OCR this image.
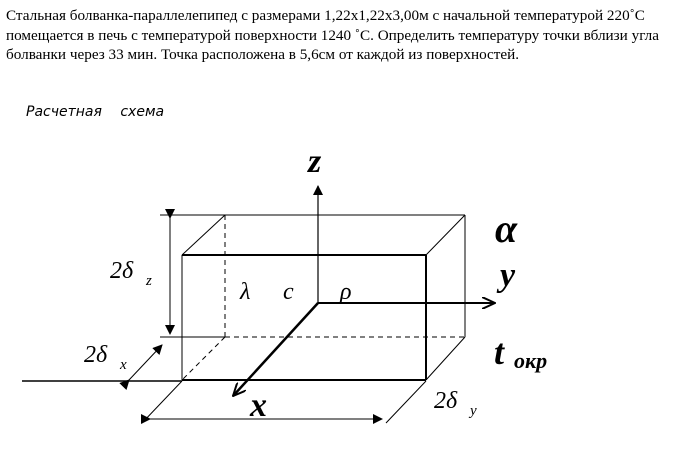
Стальная болванка-параллелепипед с размерами 1,22x1,22x3,00м с начальной температурой 220˚С помещается в печь с температурой поверхности 1240 ˚С. Определить температуру точки вблизи угла болванки через 33 мин. Точка расположена в 5,6см от каждой из поверхностей.
Расчетная схема
z
y
x
α
λ c ρ
t окр
2δ z
2δ x
2δ y
